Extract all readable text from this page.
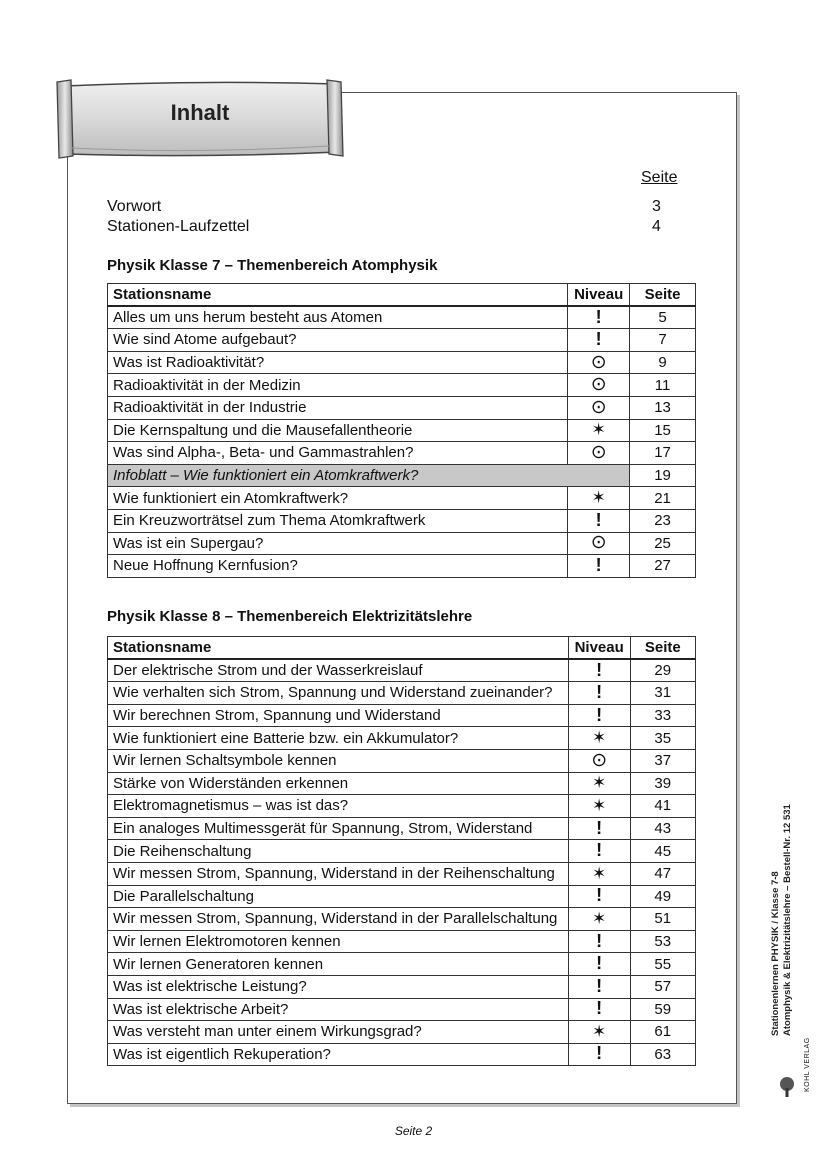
Inhalt
Seite
Vorwort	3
Stationen-Laufzettel	4
Physik Klasse 7 – Themenbereich Atomphysik
Stationsname	Niveau	Seite
Alles um uns herum besteht aus Atomen	!	5
Wie sind Atome aufgebaut?	!	7
Was ist Radioaktivität?	⊙	9
Radioaktivität in der Medizin	⊙	11
Radioaktivität in der Industrie	⊙	13
Die Kernspaltung und die Mausefallentheorie	✶	15
Was sind Alpha-, Beta- und Gammastrahlen?	⊙	17
Infoblatt – Wie funktioniert ein Atomkraftwerk?		19
Wie funktioniert ein Atomkraftwerk?	✶	21
Ein Kreuzworträtsel zum Thema Atomkraftwerk	!	23
Was ist ein Supergau?	⊙	25
Neue Hoffnung Kernfusion?	!	27
Physik Klasse 8 – Themenbereich Elektrizitätslehre
Stationsname	Niveau	Seite
Der elektrische Strom und der Wasserkreislauf	!	29
Wie verhalten sich Strom, Spannung und Widerstand zueinander?	!	31
Wir berechnen Strom, Spannung und Widerstand	!	33
Wie funktioniert eine Batterie bzw. ein Akkumulator?	✶	35
Wir lernen Schaltsymbole kennen	⊙	37
Stärke von Widerständen erkennen	✶	39
Elektromagnetismus – was ist das?	✶	41
Ein analoges Multimessgerät für Spannung, Strom, Widerstand	!	43
Die Reihenschaltung	!	45
Wir messen Strom, Spannung, Widerstand in der Reihenschaltung	✶	47
Die Parallelschaltung	!	49
Wir messen Strom, Spannung, Widerstand in der Parallelschaltung	✶	51
Wir lernen Elektromotoren kennen	!	53
Wir lernen Generatoren kennen	!	55
Was ist elektrische Leistung?	!	57
Was ist elektrische Arbeit?	!	59
Was versteht man unter einem Wirkungsgrad?	✶	61
Was ist eigentlich Rekuperation?	!	63	KOHL VERLAG
Stationenlernen PHYSIK / Klasse 7-8 Atomphysik & Elektrizitätslehre – Bestell-Nr. 12 531
Seite 2
